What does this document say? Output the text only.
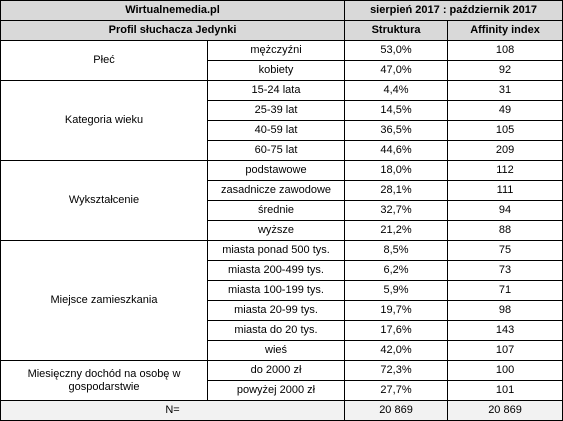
Wirtualnemedia.pl		sierpień 2017 : październik 2017	
Profil słuchacza Jedynki		Struktura	Affinity index
Płeć	mężczyźni	53,0%	108
	kobiety	47,0%	92
Kategoria wieku	15-24 lata	4,4%	31
	25-39 lat	14,5%	49
	40-59 lat	36,5%	105
	60-75 lat	44,6%	209
Wykształcenie	podstawowe	18,0%	112
	zasadnicze zawodowe	28,1%	111
	średnie	32,7%	94
	wyższe	21,2%	88
Miejsce zamieszkania	miasta ponad 500 tys.	8,5%	75
	miasta 200-499 tys.	6,2%	73
	miasta 100-199 tys.	5,9%	71
	miasta 20-99 tys.	19,7%	98
	miasta do 20 tys.	17,6%	143
	wieś	42,0%	107
Miesięczny dochód na osobę w gospodarstwie	do 2000 zł	72,3%	100
	powyżej 2000 zł	27,7%	101
N=		20 869	20 869
